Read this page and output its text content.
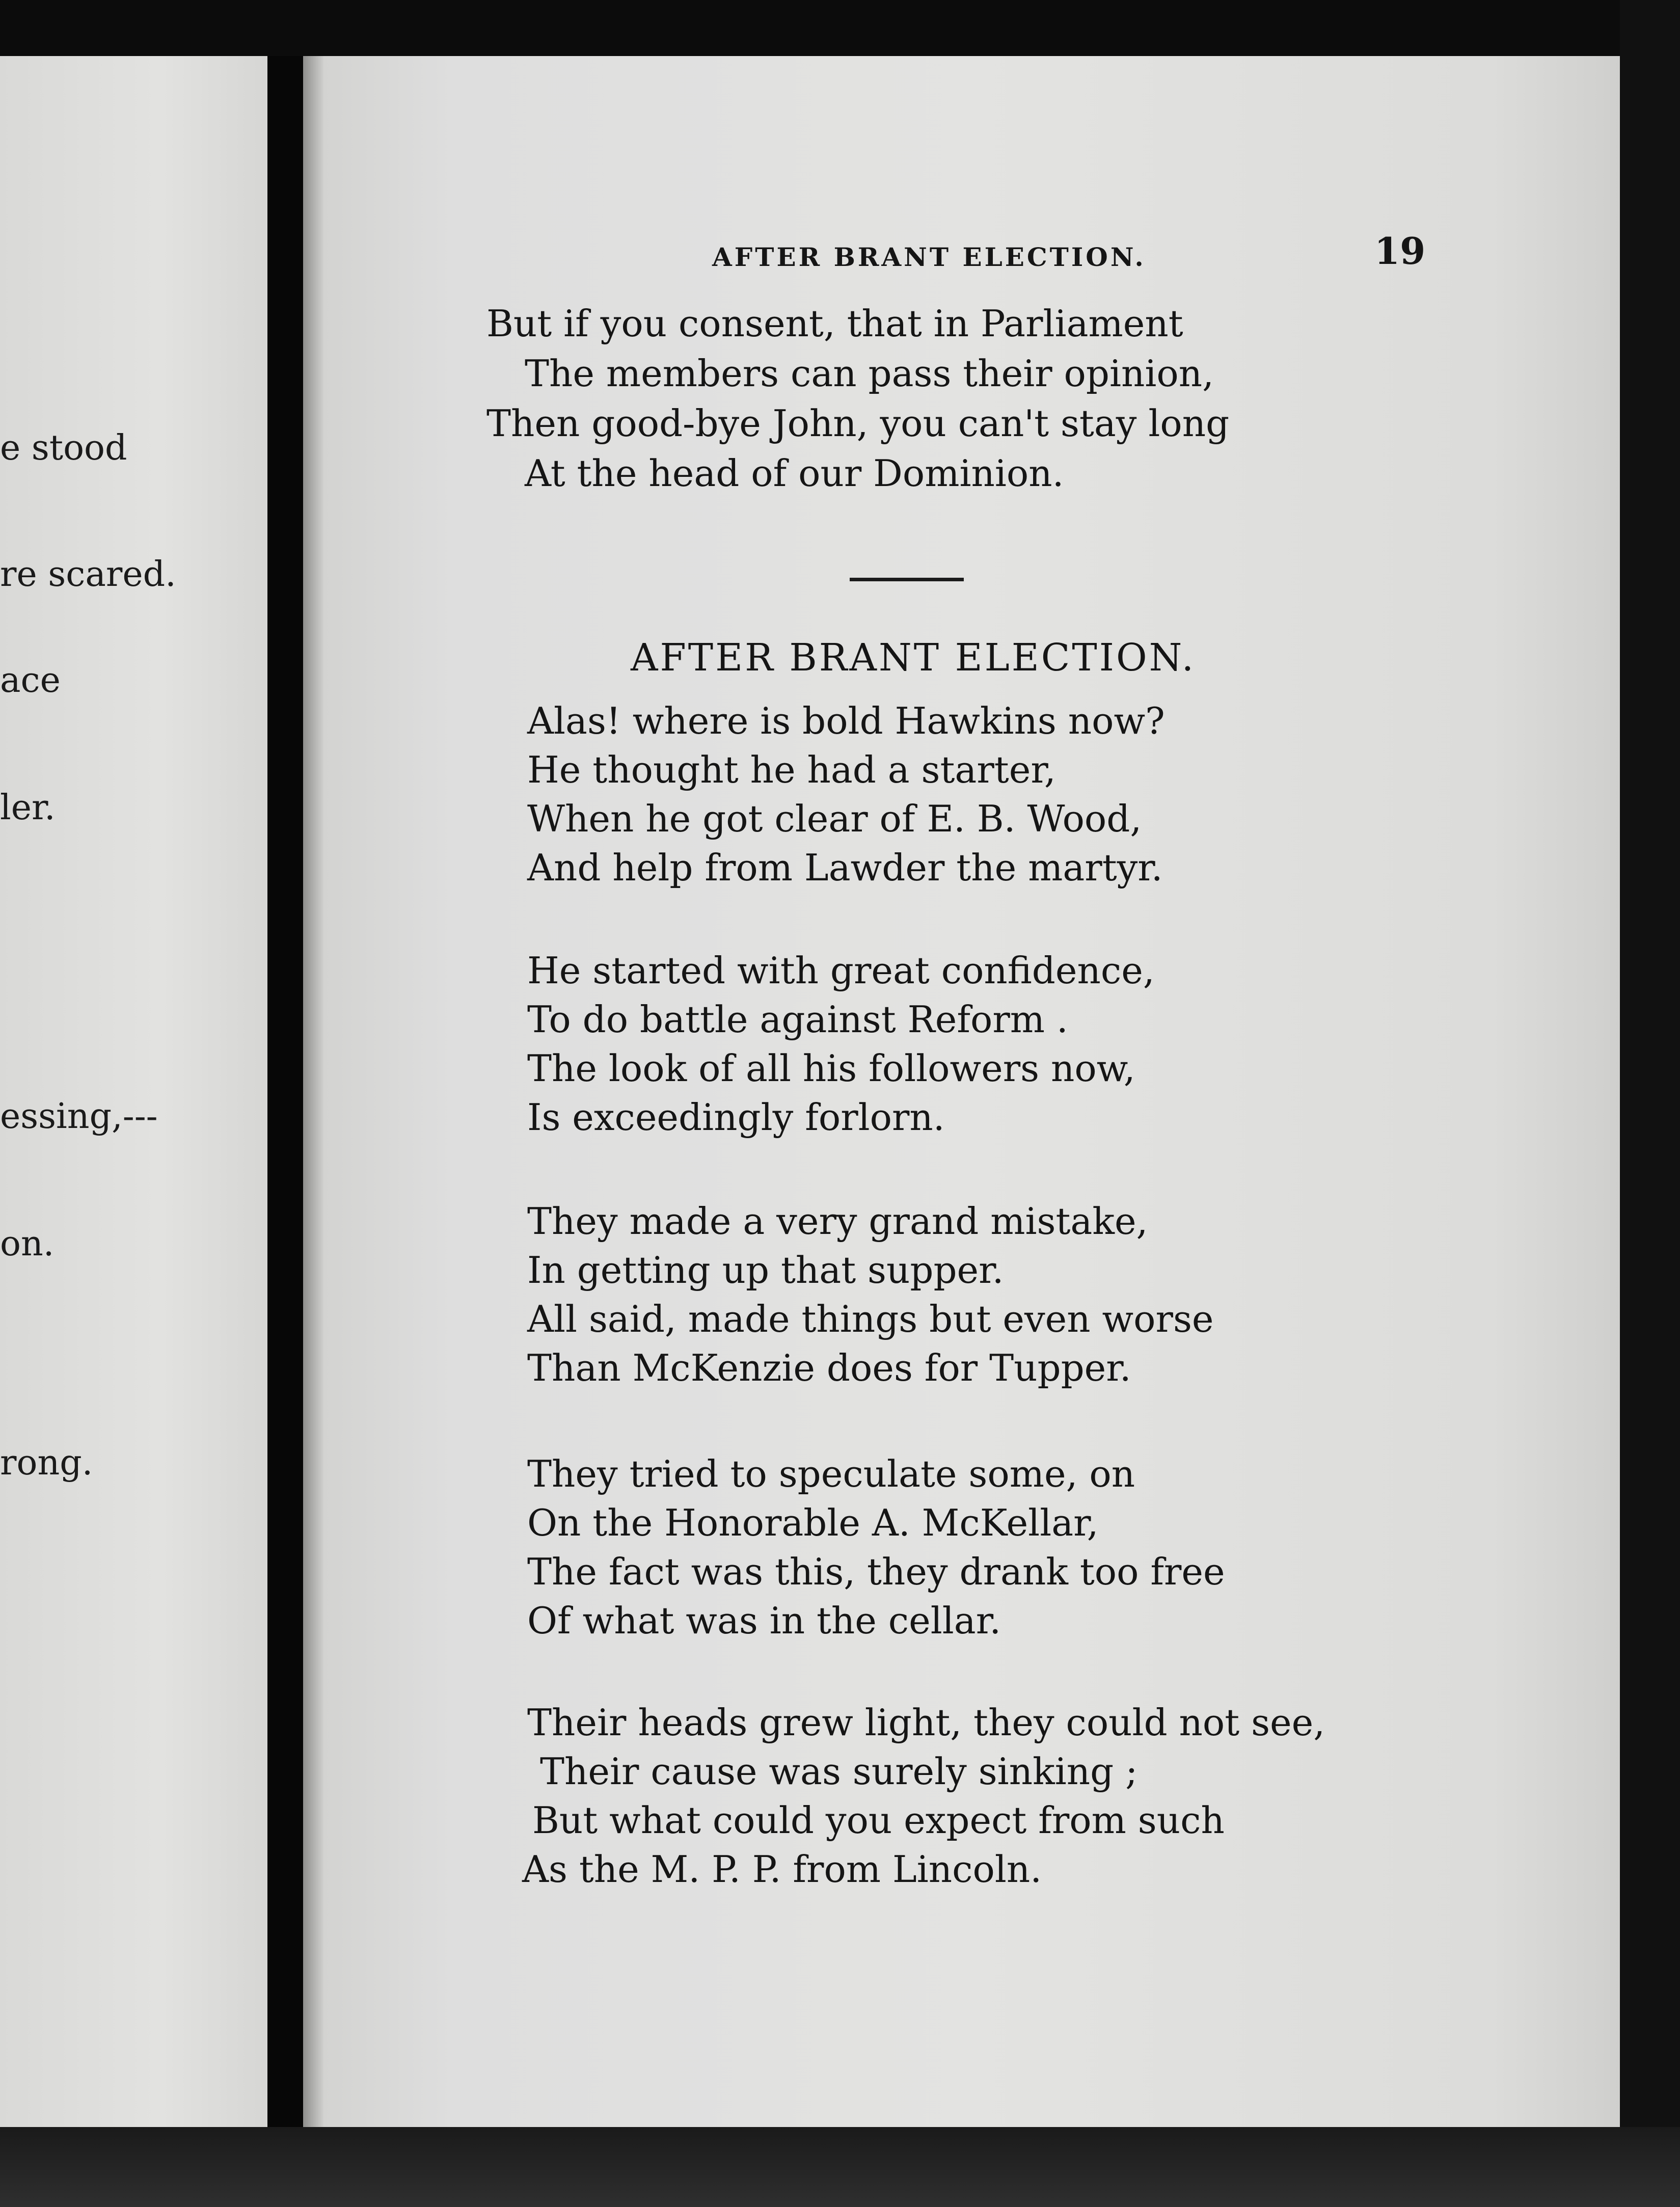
e stood
re scared.
ace
ler.
essing,---
on.
rong.
AFTER BRANT ELECTION.	19
But if you consent, that in Parliament
The members can pass their opinion,
Then good-bye John, you can't stay long
At the head of our Dominion.
AFTER BRANT ELECTION.
Alas! where is bold Hawkins now?
He thought he had a starter,
When he got clear of E. B. Wood,
And help from Lawder the martyr.
He started with great confidence,
To do battle against Reform .
The look of all his followers now,
Is exceedingly forlorn.
They made a very grand mistake,
In getting up that supper.
All said, made things but even worse
Than McKenzie does for Tupper.
They tried to speculate some, on
On the Honorable A. McKellar,
The fact was this, they drank too free
Of what was in the cellar.
Their heads grew light, they could not see,
Their cause was surely sinking ;
But what could you expect from such
As the M. P. P. from Lincoln.
